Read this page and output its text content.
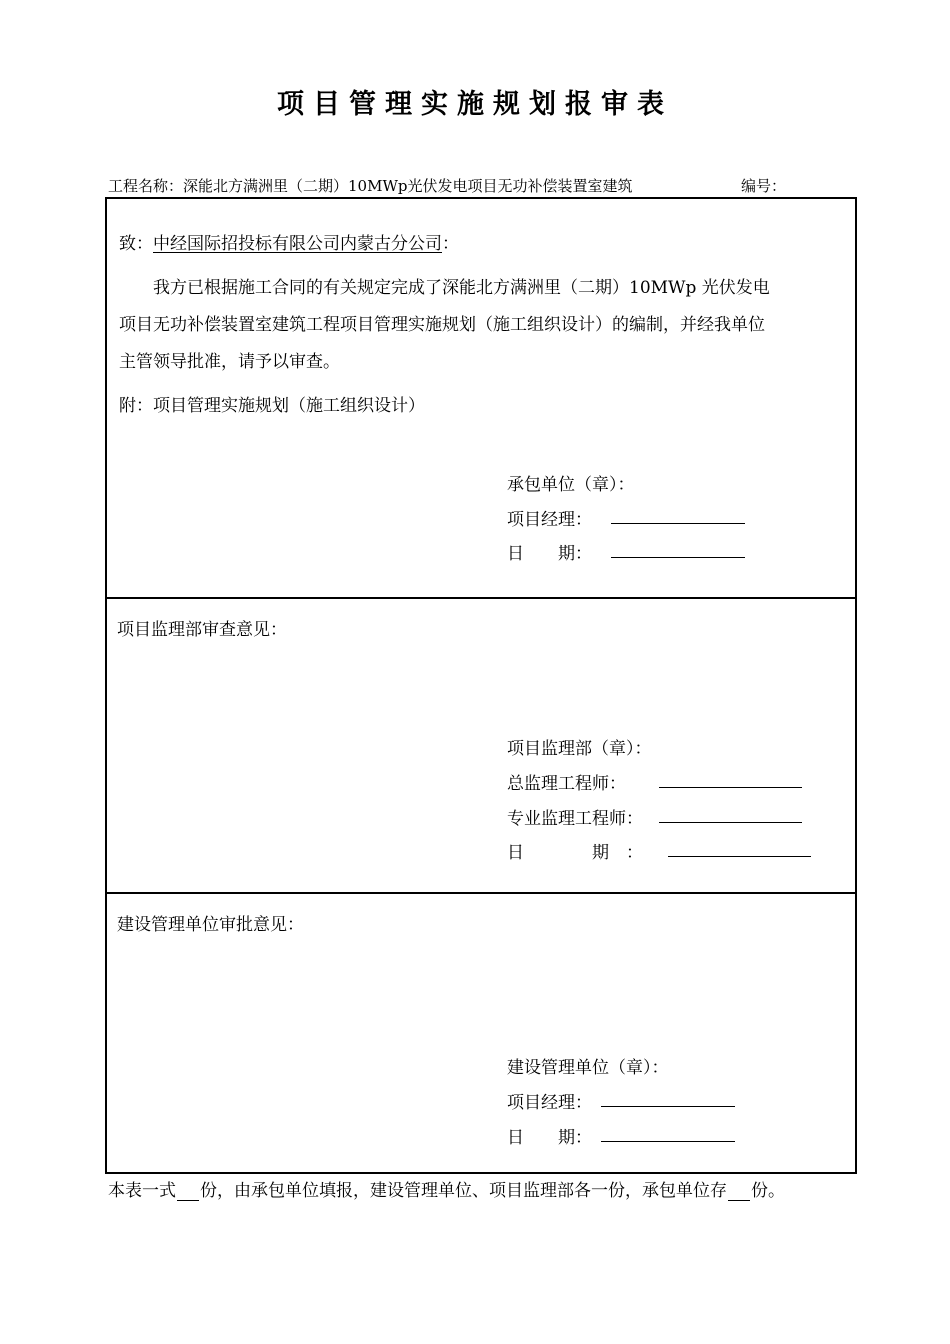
项目管理实施规划报审表
工程名称：深能北方满洲里（二期）10MWp光伏发电项目无功补偿装置室建筑	编号：
致：中经国际招投标有限公司内蒙古分公司：
我方已根据施工合同的有关规定完成了深能北方满洲里（二期）10MWp 光伏发电
项目无功补偿装置室建筑工程项目管理实施规划（施工组织设计）的编制，并经我单位
主管领导批准，请予以审查。
附：项目管理实施规划（施工组织设计）
承包单位（章）：
项目经理：
日　　期：
项目监理部审查意见：
项目监理部（章）：
总监理工程师：
专业监理工程师：
日　　　　期　：
建设管理单位审批意见：
建设管理单位（章）：
项目经理：
日　　期：
本表一式 份，由承包单位填报，建设管理单位、项目监理部各一份，承包单位存 份。
